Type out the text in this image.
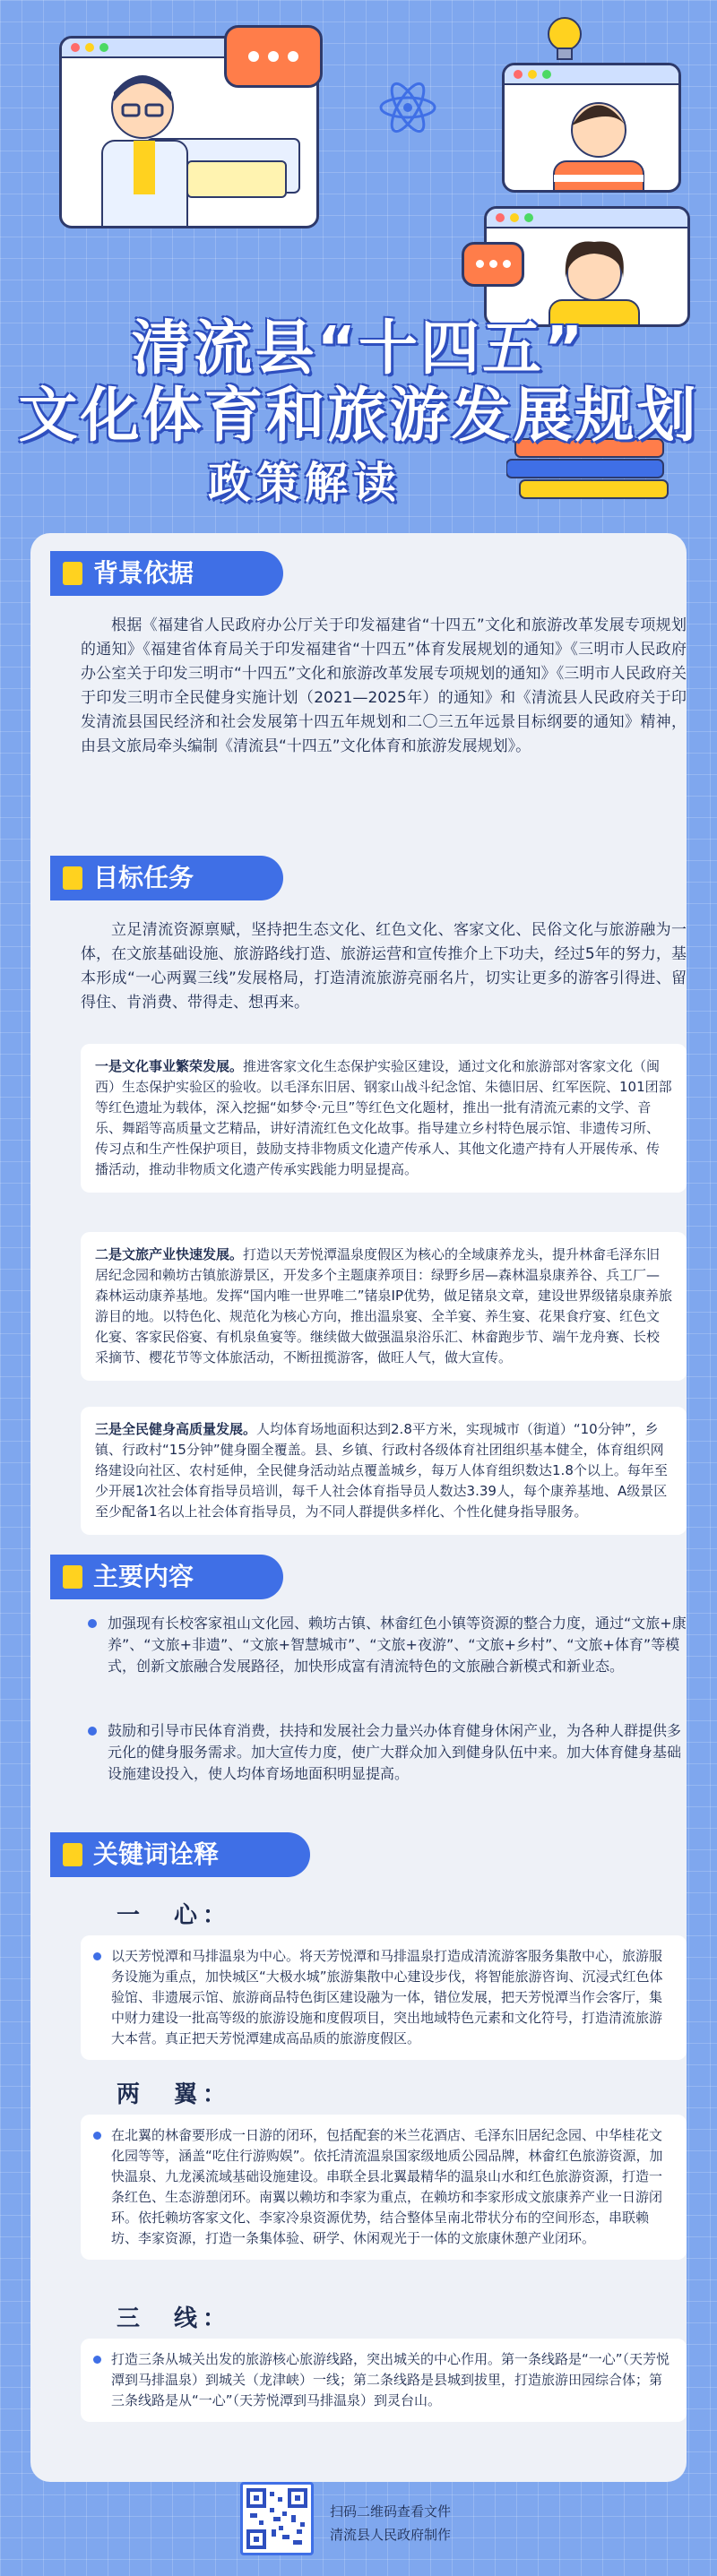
清流县“十四五”
文化体育和旅游发展规划
政策解读
背景依据
根据《福建省人民政府办公厅关于印发福建省“十四五”文化和旅游改革发展专项规划的通知》《福建省体育局关于印发福建省“十四五”体育发展规划的通知》《三明市人民政府办公室关于印发三明市“十四五”文化和旅游改革发展专项规划的通知》《三明市人民政府关于印发三明市全民健身实施计划（2021—2025年）的通知》和《清流县人民政府关于印发清流县国民经济和社会发展第十四五年规划和二〇三五年远景目标纲要的通知》精神，由县文旅局牵头编制《清流县“十四五”文化体育和旅游发展规划》。
目标任务
立足清流资源禀赋，坚持把生态文化、红色文化、客家文化、民俗文化与旅游融为一体，在文旅基础设施、旅游路线打造、旅游运营和宣传推介上下功夫，经过5年的努力，基本形成“一心两翼三线”发展格局，打造清流旅游亮丽名片，切实让更多的游客引得进、留得住、肯消费、带得走、想再来。
一是文化事业繁荣发展。推进客家文化生态保护实验区建设，通过文化和旅游部对客家文化（闽西）生态保护实验区的验收。以毛泽东旧居、钢家山战斗纪念馆、朱德旧居、红军医院、101团部等红色遗址为载体，深入挖掘“如梦令·元旦”等红色文化题材，推出一批有清流元素的文学、音乐、舞蹈等高质量文艺精品，讲好清流红色文化故事。指导建立乡村特色展示馆、非遗传习所、传习点和生产性保护项目，鼓励支持非物质文化遗产传承人、其他文化遗产持有人开展传承、传播活动，推动非物质文化遗产传承实践能力明显提高。
二是文旅产业快速发展。打造以天芳悦潭温泉度假区为核心的全域康养龙头，提升林畲毛泽东旧居纪念园和赖坊古镇旅游景区，开发多个主题康养项目：绿野乡居—森林温泉康养谷、兵工厂—森林运动康养基地。发挥“国内唯一世界唯二”锗泉IP优势，做足锗泉文章，建设世界级锗泉康养旅游目的地。以特色化、规范化为核心方向，推出温泉宴、全羊宴、养生宴、花果食疗宴、红色文化宴、客家民俗宴、有机泉鱼宴等。继续做大做强温泉浴乐汇、林畲跑步节、端午龙舟赛、长校采摘节、樱花节等文体旅活动，不断扭揽游客，做旺人气，做大宣传。
三是全民健身高质量发展。人均体育场地面积达到2.8平方米，实现城市（街道）“10分钟”，乡镇、行政村“15分钟”健身圈全覆盖。县、乡镇、行政村各级体育社团组织基本健全，体育组织网络建设向社区、农村延伸，全民健身活动站点覆盖城乡，每万人体育组织数达1.8个以上。每年至少开展1次社会体育指导员培训，每千人社会体育指导员人数达3.39人，每个康养基地、A级景区至少配备1名以上社会体育指导员，为不同人群提供多样化、个性化健身指导服务。
主要内容
加强现有长校客家祖山文化园、赖坊古镇、林畲红色小镇等资源的整合力度，通过“文旅+康养”、“文旅+非遗”、“文旅+智慧城市”、“文旅+夜游”、“文旅+乡村”、“文旅+体育”等模式，创新文旅融合发展路径，加快形成富有清流特色的文旅融合新模式和新业态。
鼓励和引导市民体育消费，扶持和发展社会力量兴办体育健身休闲产业，为各种人群提供多元化的健身服务需求。加大宣传力度，使广大群众加入到健身队伍中来。加大体育健身基础设施建设投入，使人均体育场地面积明显提高。
关键词诠释
一　心：
以天芳悦潭和马排温泉为中心。将天芳悦潭和马排温泉打造成清流游客服务集散中心，旅游服务设施为重点，加快城区“大极水城”旅游集散中心建设步伐，将智能旅游咨询、沉浸式红色体验馆、非遗展示馆、旅游商品特色街区建设融为一体，错位发展，把天芳悦潭当作会客厅，集中财力建设一批高等级的旅游设施和度假项目，突出地域特色元素和文化符号，打造清流旅游大本营。真正把天芳悦潭建成高品质的旅游度假区。
两　翼：
在北翼的林畲要形成一日游的闭环，包括配套的米兰花酒店、毛泽东旧居纪念园、中华桂花文化园等等，涵盖“吃住行游购娱”。依托清流温泉国家级地质公园品牌，林畲红色旅游资源，加快温泉、九龙溪流域基础设施建设。串联全县北翼最精华的温泉山水和红色旅游资源，打造一条红色、生态游憩闭环。南翼以赖坊和李家为重点，在赖坊和李家形成文旅康养产业一日游闭环。依托赖坊客家文化、李家冷泉资源优势，结合整体呈南北带状分布的空间形态，串联赖坊、李家资源，打造一条集体验、研学、休闲观光于一体的文旅康休憩产业闭环。
三　线：
打造三条从城关出发的旅游核心旅游线路，突出城关的中心作用。第一条线路是“一心”（天芳悦潭到马排温泉）到城关（龙津峡）一线；第二条线路是县城到拔里，打造旅游田园综合体；第三条线路是从“一心”（天芳悦潭到马排温泉）到灵台山。
扫码二维码查看文件
清流县人民政府制作
